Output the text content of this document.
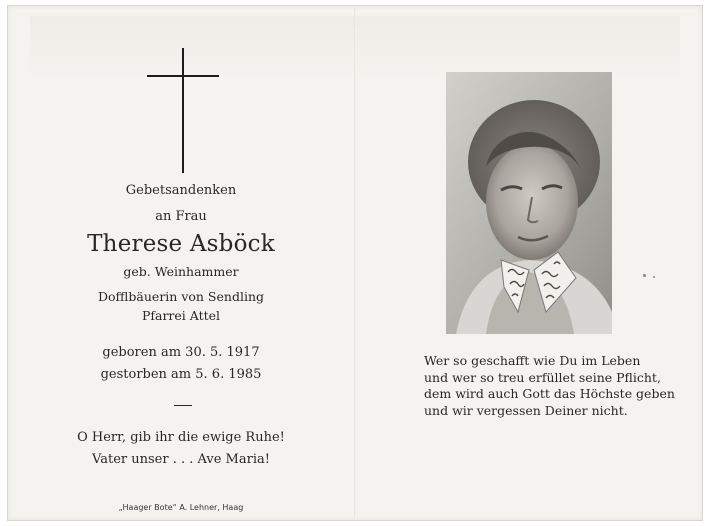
Gebetsandenken
an Frau
Therese Asböck
geb. Weinhammer
Dofflbäuerin von Sendling
Pfarrei Attel
geboren am 30. 5. 1917
gestorben am 5. 6. 1985
O Herr, gib ihr die ewige Ruhe!
Vater unser . . . Ave Maria!
„Haager Bote“ A. Lehner, Haag
Wer so geschafft wie Du im Leben
und wer so treu erfüllet seine Pflicht,
dem wird auch Gott das Höchste geben
und wir vergessen Deiner nicht.
